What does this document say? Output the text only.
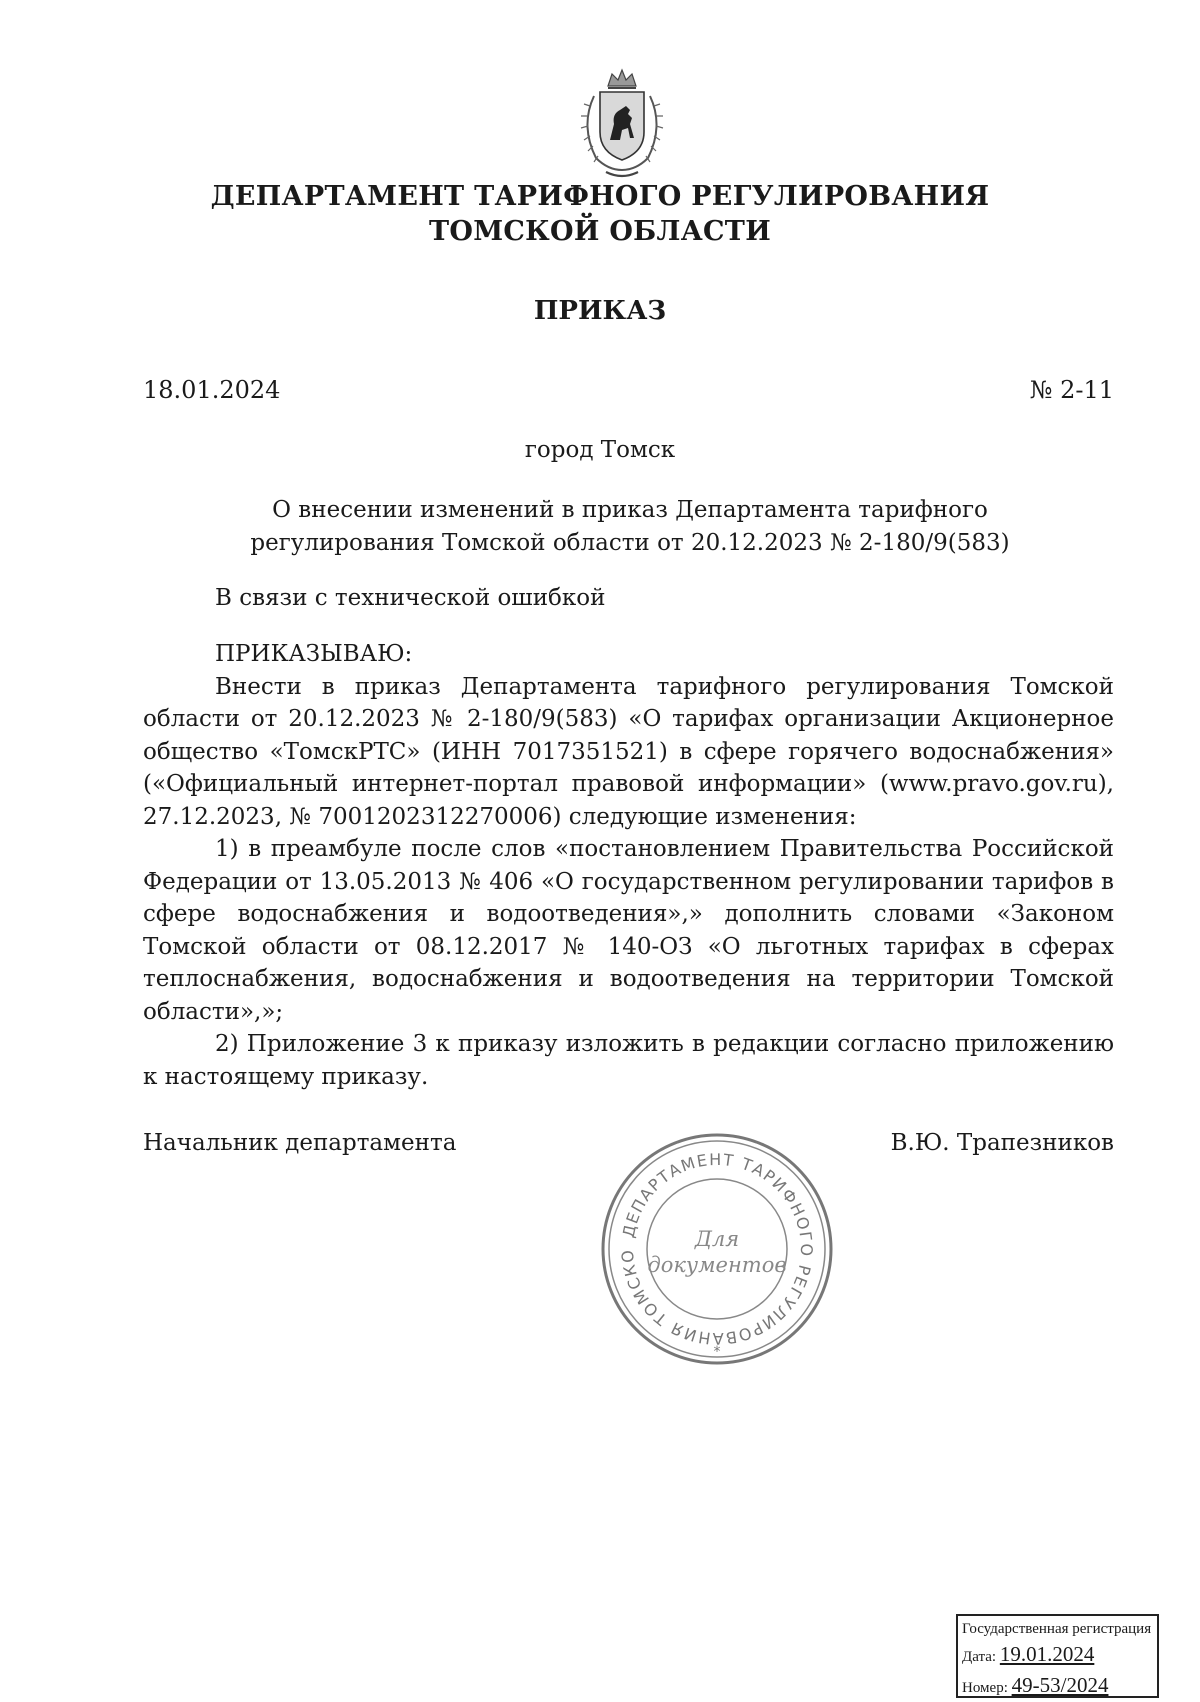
ДЕПАРТАМЕНТ ТАРИФНОГО РЕГУЛИРОВАНИЯ
ТОМСКОЙ ОБЛАСТИ
ПРИКАЗ
18.01.2024	№ 2-11
город Томск
О внесении изменений в приказ Департамента тарифного регулирования Томской области от 20.12.2023 № 2-180/9(583)

В связи с технической ошибкой

ПРИКАЗЫВАЮ:

Внести в приказ Департамента тарифного регулирования Томской области от 20.12.2023 № 2-180/9(583) «О тарифах организации Акционерное общество «ТомскРТС» (ИНН 7017351521) в сфере горячего водоснабжения» («Официальный интернет-портал правовой информации» (www.pravo.gov.ru), 27.12.2023, № 7001202312270006) следующие изменения:

1) в преамбуле после слов «постановлением Правительства Российской Федерации от 13.05.2013 № 406 «О государственном регулировании тарифов в сфере водоснабжения и водоотведения»,» дополнить словами «Законом Томской области от 08.12.2017 № 140-ОЗ «О льготных тарифах в сферах теплоснабжения, водоснабжения и водоотведения на территории Томской области»,»;

2) Приложение 3 к приказу изложить в редакции согласно приложению к настоящему приказу.

Начальник департамента	В.Ю. Трапезников
ДЕПАРТАМЕНТ ТАРИФНОГО РЕГУЛИРОВАНИЯ ТОМСКО
Для
документов
*
Государственная регистрация
Дата: 19.01.2024
Номер: 49-53/2024
